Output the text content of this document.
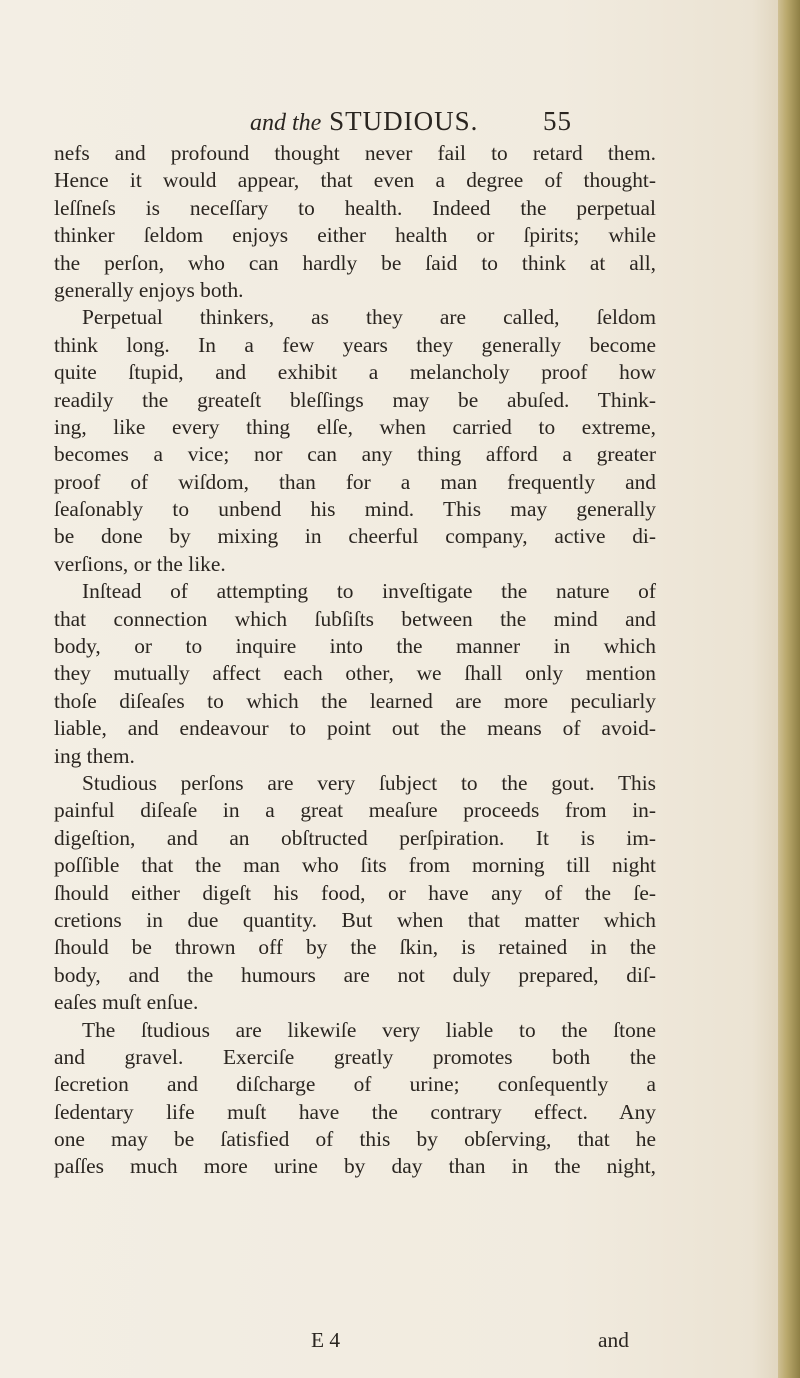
and the STUDIOUS. 55
nefs and profound thought never fail to retard them.
Hence it would appear, that even a degree of thought-
leſſneſs is neceſſary to health. Indeed the perpetual
thinker ſeldom enjoys either health or ſpirits; while
the perſon, who can hardly be ſaid to think at all,
generally enjoys both.
Perpetual thinkers, as they are called, ſeldom
think long. In a few years they generally become
quite ſtupid, and exhibit a melancholy proof how
readily the greateſt bleſſings may be abuſed. Think-
ing, like every thing elſe, when carried to extreme,
becomes a vice; nor can any thing afford a greater
proof of wiſdom, than for a man frequently and
ſeaſonably to unbend his mind. This may generally
be done by mixing in cheerful company, active di-
verſions, or the like.
Inſtead of attempting to inveſtigate the nature of
that connection which ſubſiſts between the mind and
body, or to inquire into the manner in which
they mutually affect each other, we ſhall only mention
thoſe diſeaſes to which the learned are more peculiarly
liable, and endeavour to point out the means of avoid-
ing them.
Studious perſons are very ſubject to the gout. This
painful diſeaſe in a great meaſure proceeds from in-
digeſtion, and an obſtructed perſpiration. It is im-
poſſible that the man who ſits from morning till night
ſhould either digeſt his food, or have any of the ſe-
cretions in due quantity. But when that matter which
ſhould be thrown off by the ſkin, is retained in the
body, and the humours are not duly prepared, diſ-
eaſes muſt enſue.
The ſtudious are likewiſe very liable to the ſtone
and gravel. Exerciſe greatly promotes both the
ſecretion and diſcharge of urine; conſequently a
ſedentary life muſt have the contrary effect. Any
one may be ſatisfied of this by obſerving, that he
paſſes much more urine by day than in the night,
E 4	and
